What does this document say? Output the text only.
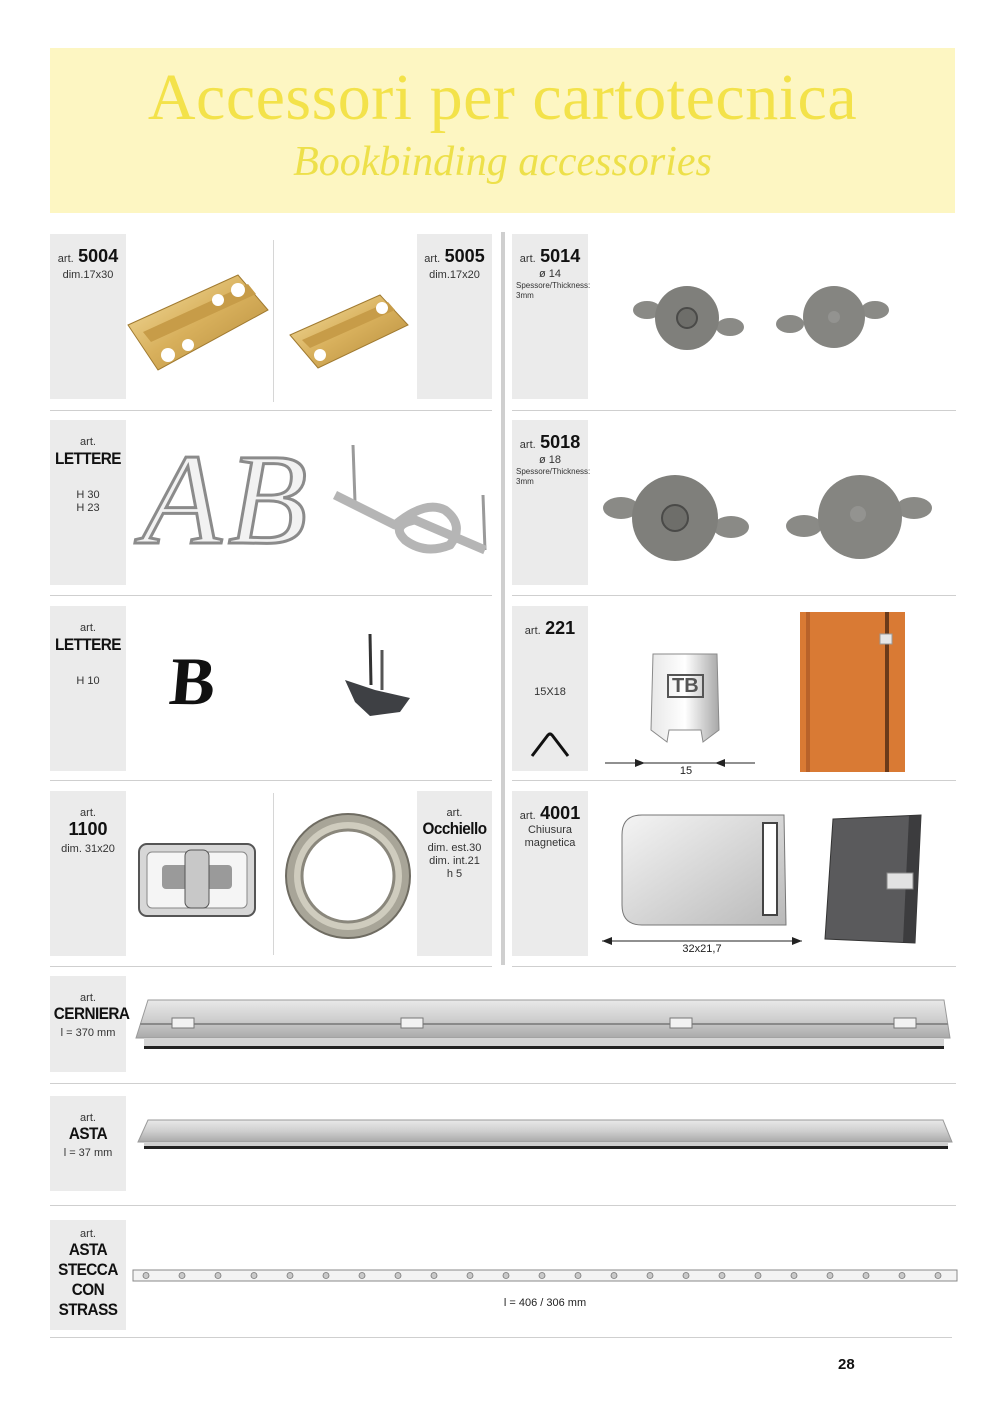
Accessori per cartotecnica
Bookbinding accessories
art. 5004
dim.17x30
art. 5005
dim.17x20
art. 5014
ø 14
Spessore/Thickness: 3mm
art.
LETTERE
H 30
H 23 A B	art. 5018
ø 18
Spessore/Thickness: 3mm
art.
LETTERE
H 10 B
art. 221
15X18	TB
15
art.
1100
dim. 31x20
art.
Occhiello
dim. est.30
dim. int.21
h 5
art. 4001
Chiusura
magnetica
32x21,7
art.
CERNIERA
l = 370 mm
art.
ASTA
l = 37 mm
art.
ASTA
STECCA
CON
STRASS	l = 406 / 306 mm
28
